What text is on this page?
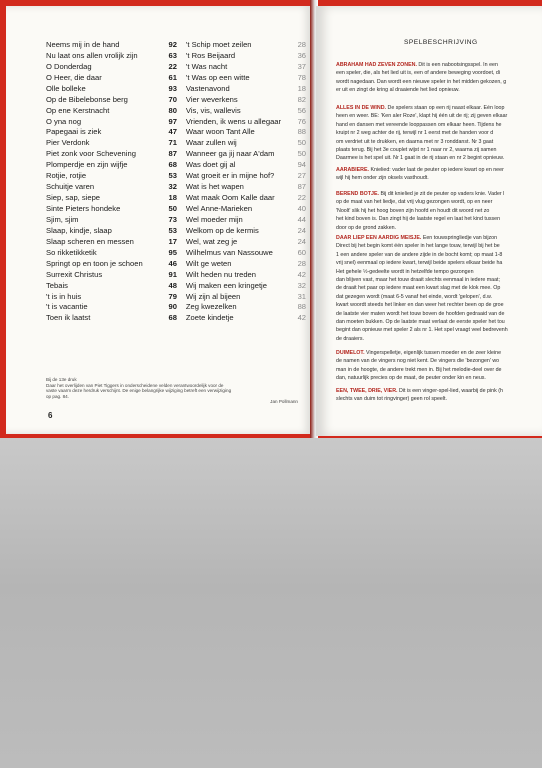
Neems mij in de hand	92	't Schip moet zeilen	28
Nu laat ons allen vrolijk zijn	63	't Ros Beijaard	36
O Donderdag	22	't Was nacht	37
O Heer, die daar	61	't Was op een witte	78
Olle bolleke	93	Vastenavond	18
Op de Bibelebonse berg	70	Vier weverkens	82
Op ene Kerstnacht	80	Vis, vis, wallevis	56
O yna nog	97	Vrienden, ik wens u allegaar	76
Papegaai is ziek	47	Waar woon Tant Alle	88
Pier Verdonk	71	Waar zullen wij	50
Piet zonk voor Schevening	87	Wanneer ga jij naar A'dam	50
Plomperdje en zijn wijfje	68	Was doet gij al	94
Rotjie, rotjie	53	Wat groeit er in mijne hof?	27
Schuitje varen	32	Wat is het wapen	87
Siep, sap, siepe	18	Wat maak Oom Kalle daar	22
Sinte Pieters hondeke	50	Wel Anne-Marieken	40
Sjim, sjim	73	Wel moeder mijn	44
Slaap, kindje, slaap	53	Welkom op de kermis	24
Slaap scheren en messen	17	Wel, wat zeg je	24
So rikketikketik	95	Wilhelmus van Nassouwe	60
Springt op en toon je schoen	46	Wilt ge weten	28
Surrexit Christus	91	Wilt heden nu treden	42
Tebais	48	Wij maken een kringetje	32
't is in huis	79	Wij zijn al bijeen	31
't is vacantie	90	Zeg kwezelken	88
Toen ik laatst	68	Zoete kindetje	42
Bij de 13e druk
Daar het overlijden van Piet Tiggers in onderscheidene velden verantwoordelijk voor de
vaste vaarm deze herdruk verschijnt. De enige belangrijke wijziging betreft een verwijziging
op pag. 84.
Jan Pollmann
6
SPELBESCHRIJVING
ABRAHAM HAD ZEVEN ZONEN. Dit is een nabootsingsspel. In een
een speler, die, als het lied uit is, een of andere beweging voordoet, di
wordt nagedaan. Dan wordt een nieuwe speler in het midden gekozen, g
er uit en zingt de kring al draaiende het lied opnieuw.
ALLES IN DE WIND. De spelers staan op een rij naast elkaar. Eén loop
heen en weer. BE: 'Ken aler Roze', klapt hij één uit de rij; zij geven elkaar
hand en dansen met vereende looppassen om elkaar heen. Tijdens he
kruipt nr 2 weg achter de rij, terwijl nr 1 eerst met de handen voor d
om verdriet uit te drukken, en daarna met nr 3 ronddanst. Nr 3 gaat
plaats terug. Bij het 3e couplet wijst nr 1 naar nr 2, waarna zij samen
Daarmee is het spel uit. Nr 1 gaat in de rij staan en nr 2 begint opnieuw.
AARABIERE. Knielied: vader laat de peuter op iedere kwart op en neer
wijl hij hem onder zijn oksels vasthoudt.
BEREND BOTJE. Bij dit knielied je zit de peuter op vaders knie. Vader l
op de maat van het liedje, dat vrij vlug gezongen wordt, op en neer
'Noolt' slik hij het hoog boven zijn hoofd en houdt dit woord net zo
het kind boven is. Dan zingt hij de laatste regel en laat het kind tussen
door op de grond zakken.
DAAR LIEP EEN AARDIG MEISJE. Een touwspringliedje van bijzon
Direct bij het begin komt één speler in het lange touw, terwijl bij het be
1 een andere speler van de andere zijde in de bocht komt; op maat 1-8
vrij snel) eenmaal op iedere kwart, terwijl beide spelers elkaar beide ha
Het gehele ½-gedeelte wordt in hetzelfde tempo gezongen
dan blijven vast, maar het touw draait slechts eenmaal in iedere maat;
de draait het paar op iedere maat een kwart slag met de klok mee. Op
dat gezegen wordt (maat 6-5 vanaf het einde, wordt 'gelopen', d.w.
kwart woordt steeds het linker en dan weer het rechter been op de groe
de laatste vier maten wordt het touw boven de hoofden gedraaid van de
dan moeten bukken. Op de laatste maat verlaat de eerste speler het tou
begint dan opnieuw met speler 2 als nr 1. Het spel vraagt veel bedrevenh
de draaiers.
DUIMELOT. Vingerspelletje, eigenlijk tussen moeder en de zeer kleine
de namen van de vingers nog niet kent. De vingers die 'bezongen' wo
man in de hoogte, de andere trekt men in. Bij het melodie-deel over de
dan, natuurlijk precies op de maat, de peuter onder kin en neus.
EEN, TWEE, DRIE, VIER. Dit is een vinger-spel-lied, waarbij de pink (h
slechts van duim tot ringvinger) geen rol speelt.
